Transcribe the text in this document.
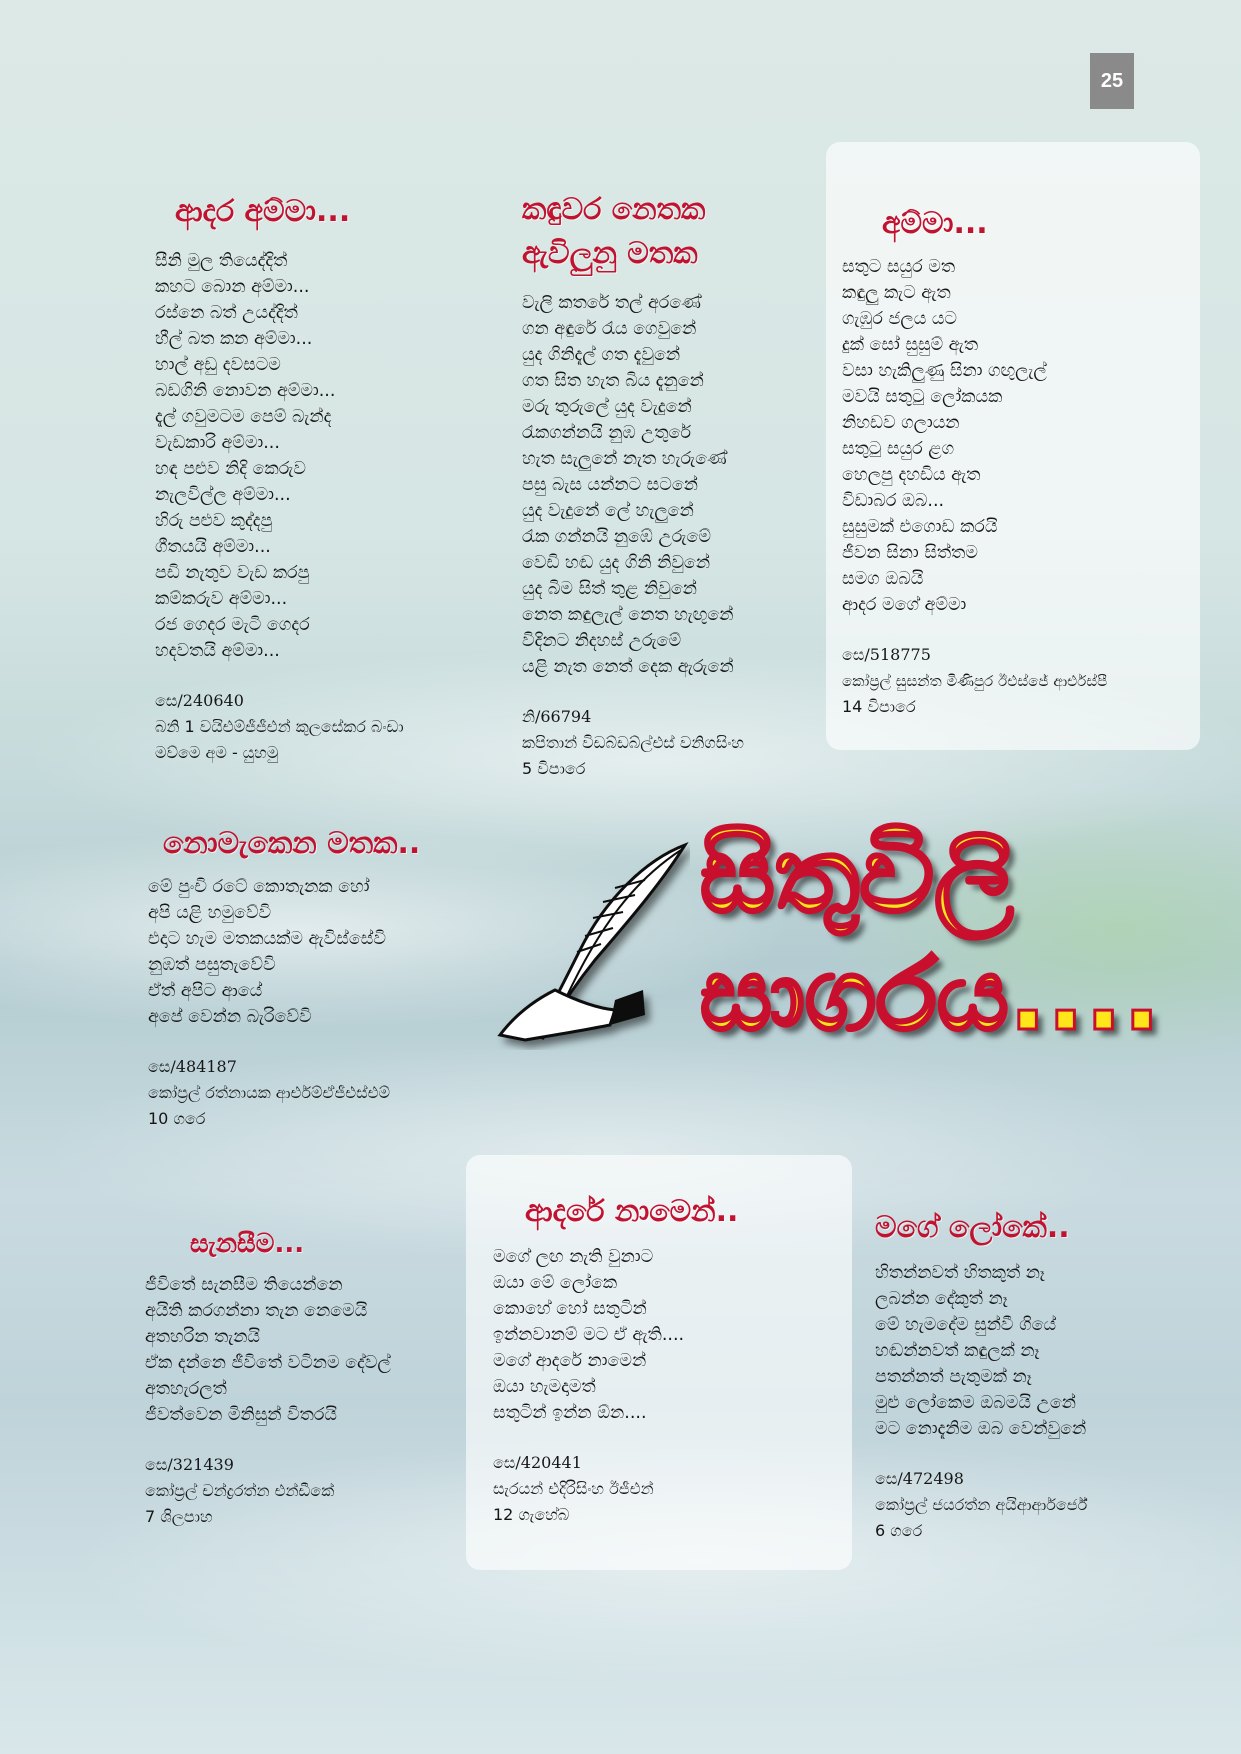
25
ආදර අම්මා...
සීනි මුල තියෙද්දිත්
කහට බොන අම්මා...
රස්නෙ බත් උයද්දිත්
හීල් බත කන අම්මා...
හාල් අඩු දවසටම
බඩගිනි නොවන අම්මා...
දැල් ගවුමටම පෙම් බැන්ද
වැඩකාරි අම්මා...
හඳ පළුව නිදි කෙරුව
නැලවිල්ල අම්මා...
හිරු පළුව කුද්දපු
ගීතයයි අම්මා...
පඩි නැතුව වැඩ කරපු
කම්කරුව අම්මා...
රජ ගෙදර මැටි ගෙදර
හදවතයි අම්මා...
සෙ/240640
බනි 1 වයිඑම්ජීජීඑන් කුලසේකර බංඩා
මව්මෙ අම - යුහමු
කඳුවර නෙතක
ඇවිලුනු මතක
වැලි කතරේ තල් අරණේ
ගන අඳුරේ රැය ගෙවුනේ
යුද ගිනිදැල් ගත දැවුනේ
ගත සිත හැත බිය දැනුනේ
මරු තුරුලේ යුද වැදුනේ
රැකගන්නයි නුඹ උතුරේ
හැත සැලුනේ නැත හැරුණේ
පසු බැස යන්නට සටනේ
යුද වැදුනේ ලේ හැලුනේ
රැක ගන්නයි නුඹේ උරුමේ
වෙඩි හඬ යුද ගිනි නිවුනේ
යුද බිම සිත් තුළ නිවුනේ
නෙත කඳුලැල් නෙත හැඟුනේ
විදිනට නිදහස් උරුමේ
යළි නැත නෙත් දෙක ඇරුනේ
නි/66794
කපිතාන් විඩබ්ඩබ්ල්එස් වනිගසිංහ
5 විපාරෙ
අම්මා...
සතුට සයුර මත
කඳුලු කැට ඇත
ගැඹුර ජලය යට
දුක් සෝ සුසුම් ඇත
වසා හැකිලුණු සිනා ගඟුලැල්
මවයි සතුටු ලෝකයක
නිහඩව ගලායන
සතුටු සයුර ළග
හෙලපු දහඩිය ඇත
විඩාබර ඔබ...
සුසුමක් එගොඩ කරයි
ජීවන සිනා සිත්තම
සමග ඔබයි
ආදර මගේ අම්මා
සෙ/518775
කෝප්‍රල් සුසන්ත මිණිපුර ඊඑස්ජේ ආර්එස්පී
14 විපාරෙ
නොමැකෙන මතක..
මේ පුංචි රටේ කොතැනක හෝ
අපි යළි හමුවේවි
එදාට හැම මතකයක්ම ඇවිස්සේවි
නුඹත් පසුතැවේවි
ඒත් අපිට ආයේ
අපේ වෙන්න බැරිවේවි
සෙ/484187
කෝප්‍රල් රත්නායක ආර්එම්ඒජීඑස්එම්
10 ගරෙ
සිතුවිලි
සාගරය....
සැනසීම...
ජීවිතේ සැනසීම තියෙන්නෙ
අයිති කරගන්නා තැන නෙමෙයි
අතහරින තැනයි
ඒක දන්නෙ ජීවිතේ වටිනම දේවල්
අතහැරලත්
ජීවත්වෙන මිනිසුන් විතරයි
සෙ/321439
කෝප්‍රල් චන්ද්‍රරත්න එන්ඩීකේ
7 ශිලපාහ
ආදරේ නාමෙන්..
මගේ ලඟ නැති වුනාට
ඔයා මේ ලෝකෙ
කොහේ හෝ සතුටින්
ඉන්නවානම් මට ඒ ඇති....
මගේ ආදරේ නාමෙන්
ඔයා හැමදාමත්
සතුටින් ඉන්න ඕන....
සෙ/420441
සැරයන් එදිරිසිංහ ඊජීඑන්
12 ගැහේබ
මගේ ලෝකේ..
හිතන්නවත් හිතකුත් නෑ
ලබන්න දේකුත් නෑ
මේ හැමදේම සුන්වී ගියේ
හඬන්නවත් කඳුලක් නෑ
පතන්නත් පැතුමක් නෑ
මුළු ලෝකෙම ඔබමයි උනේ
මට නොදැනිම ඔබ වෙන්වුනේ
සෙ/472498
කෝප්‍රල් ජයරත්න අයිආර්ආර්ජේ
6 ගරෙ
